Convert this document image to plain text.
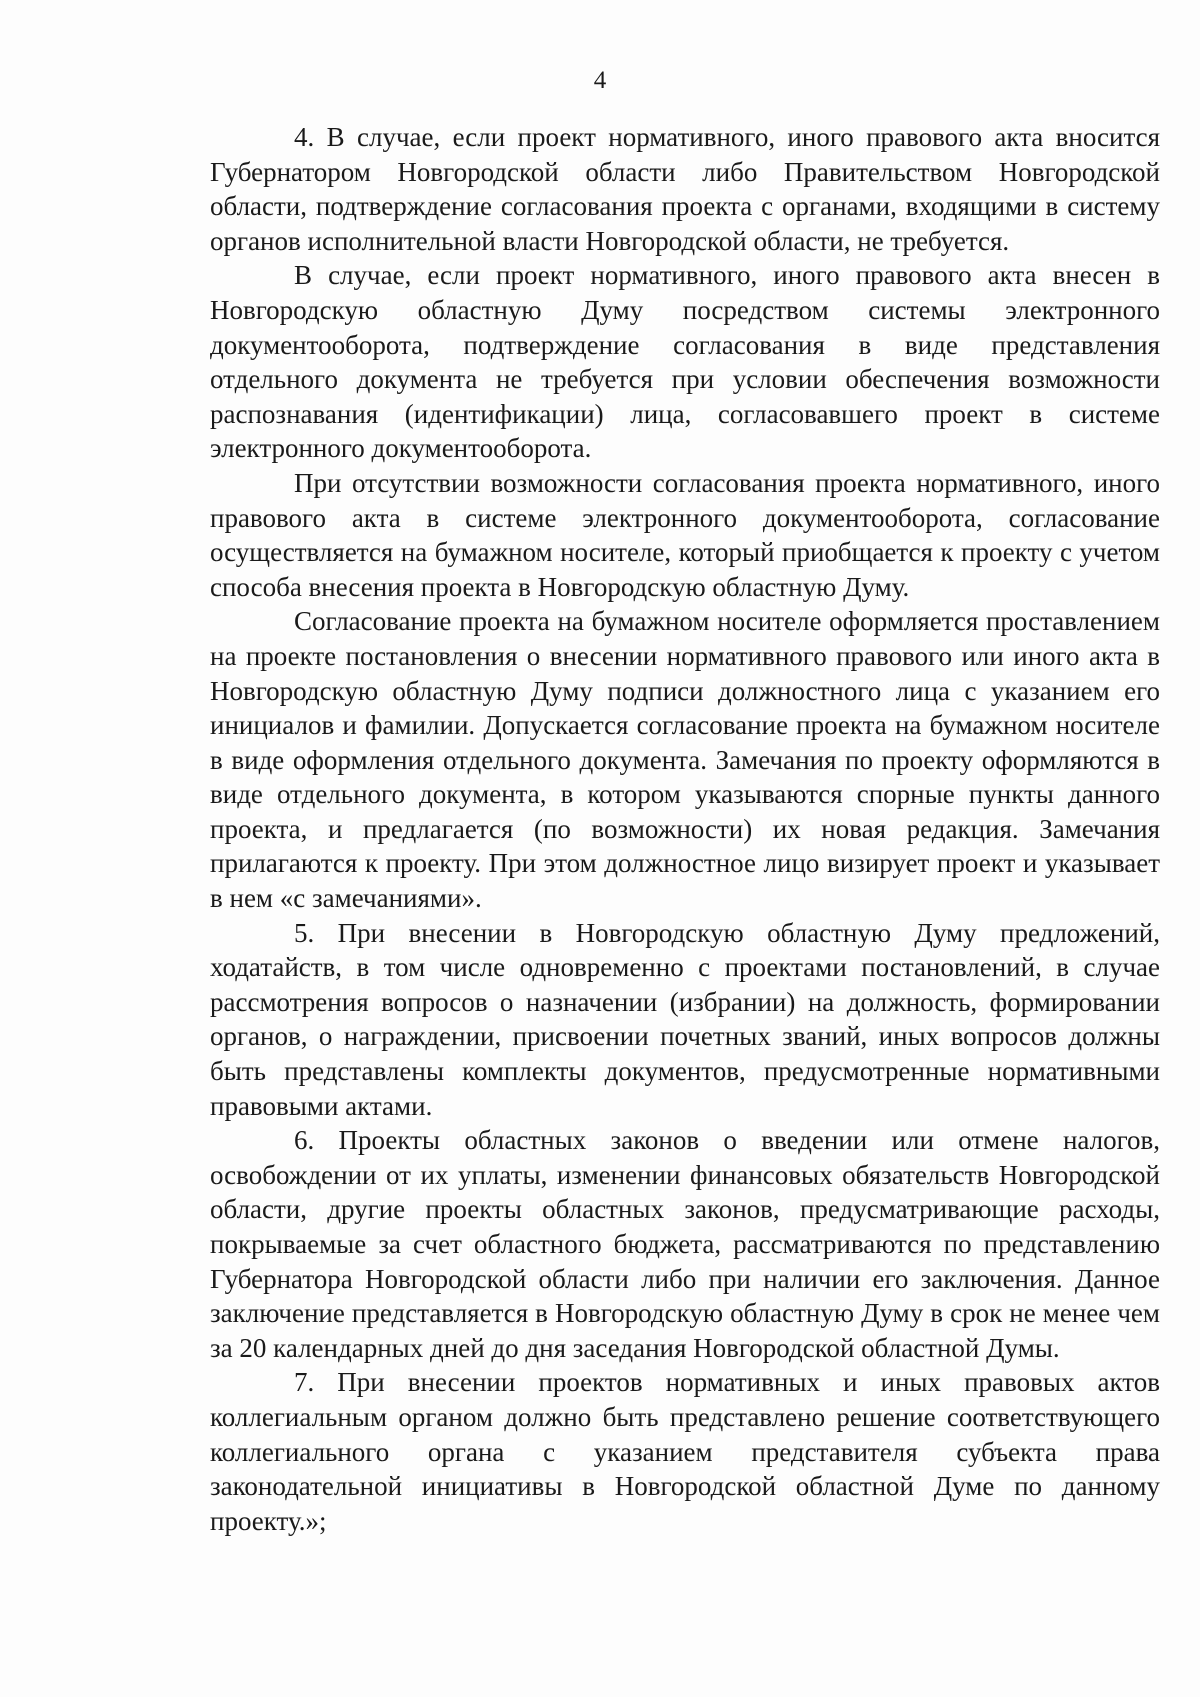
4

4. В случае, если проект нормативного, иного правового акта вносится Губернатором Новгородской области либо Правительством Новгородской области, подтверждение согласования проекта с органами, входящими в систему органов исполнительной власти Новгородской области, не требуется.

В случае, если проект нормативного, иного правового акта внесен в Новгородскую областную Думу посредством системы электронного документооборота, подтверждение согласования в виде представления отдельного документа не требуется при условии обеспечения возможности распознавания (идентификации) лица, согласовавшего проект в системе электронного документооборота.

При отсутствии возможности согласования проекта нормативного, иного правового акта в системе электронного документооборота, согласование осуществляется на бумажном носителе, который приобщается к проекту с учетом способа внесения проекта в Новгородскую областную Думу.

Согласование проекта на бумажном носителе оформляется проставлением на проекте постановления о внесении нормативного правового или иного акта в Новгородскую областную Думу подписи должностного лица с указанием его инициалов и фамилии. Допускается согласование проекта на бумажном носителе в виде оформления отдельного документа. Замечания по проекту оформляются в виде отдельного документа, в котором указываются спорные пункты данного проекта, и предлагается (по возможности) их новая редакция. Замечания прилагаются к проекту. При этом должностное лицо визирует проект и указывает в нем «с замечаниями».

5. При внесении в Новгородскую областную Думу предложений, ходатайств, в том числе одновременно с проектами постановлений, в случае рассмотрения вопросов о назначении (избрании) на должность, формировании органов, о награждении, присвоении почетных званий, иных вопросов должны быть представлены комплекты документов, предусмотренные нормативными правовыми актами.

6. Проекты областных законов о введении или отмене налогов, освобождении от их уплаты, изменении финансовых обязательств Новгородской области, другие проекты областных законов, предусматривающие расходы, покрываемые за счет областного бюджета, рассматриваются по представлению Губернатора Новгородской области либо при наличии его заключения. Данное заключение представляется в Новгородскую областную Думу в срок не менее чем за 20 календарных дней до дня заседания Новгородской областной Думы.

7. При внесении проектов нормативных и иных правовых актов коллегиальным органом должно быть представлено решение соответствующего коллегиального органа с указанием представителя субъекта права законодательной инициативы в Новгородской областной Думе по данному проекту.»;
